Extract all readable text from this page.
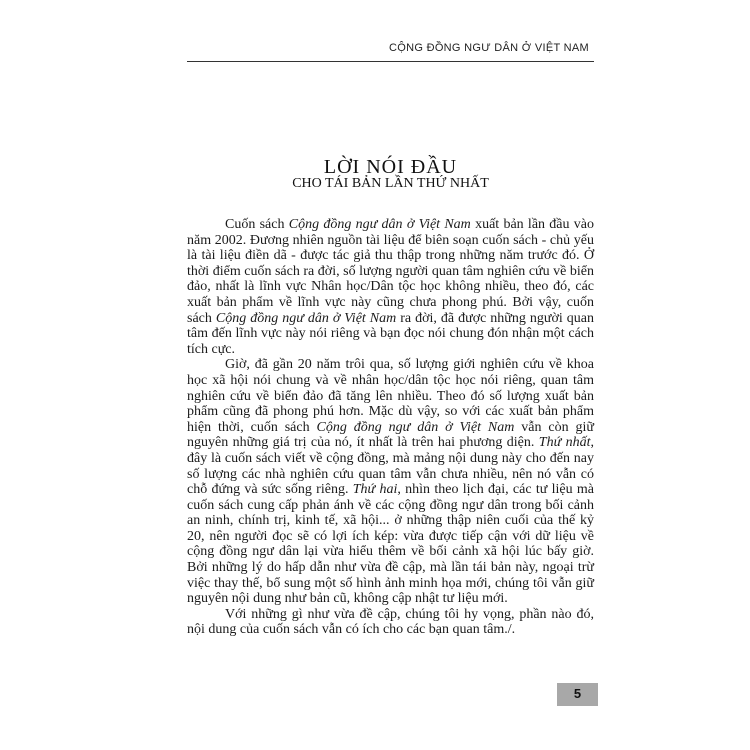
CỘNG ĐỒNG NGƯ DÂN Ở VIỆT NAM
LỜI NÓI ĐẦU
CHO TÁI BẢN LẦN THỨ NHẤT

Cuốn sách Cộng đồng ngư dân ở Việt Nam xuất bản lần đầu vào năm 2002. Đương nhiên nguồn tài liệu để biên soạn cuốn sách - chủ yếu là tài liệu điền dã - được tác giả thu thập trong những năm trước đó. Ở thời điểm cuốn sách ra đời, số lượng người quan tâm nghiên cứu về biển đảo, nhất là lĩnh vực Nhân học/Dân tộc học không nhiều, theo đó, các xuất bản phẩm về lĩnh vực này cũng chưa phong phú. Bởi vậy, cuốn sách Cộng đồng ngư dân ở Việt Nam ra đời, đã được những người quan tâm đến lĩnh vực này nói riêng và bạn đọc nói chung đón nhận một cách tích cực.

Giờ, đã gần 20 năm trôi qua, số lượng giới nghiên cứu về khoa học xã hội nói chung và về nhân học/dân tộc học nói riêng, quan tâm nghiên cứu về biển đảo đã tăng lên nhiều. Theo đó số lượng xuất bản phẩm cũng đã phong phú hơn. Mặc dù vậy, so với các xuất bản phẩm hiện thời, cuốn sách Cộng đồng ngư dân ở Việt Nam vẫn còn giữ nguyên những giá trị của nó, ít nhất là trên hai phương diện. Thứ nhất, đây là cuốn sách viết về cộng đồng, mà mảng nội dung này cho đến nay số lượng các nhà nghiên cứu quan tâm vẫn chưa nhiều, nên nó vẫn có chỗ đứng và sức sống riêng. Thứ hai, nhìn theo lịch đại, các tư liệu mà cuốn sách cung cấp phản ánh về các cộng đồng ngư dân trong bối cảnh an ninh, chính trị, kinh tế, xã hội... ở những thập niên cuối của thế kỷ 20, nên người đọc sẽ có lợi ích kép: vừa được tiếp cận với dữ liệu về cộng đồng ngư dân lại vừa hiểu thêm về bối cảnh xã hội lúc bấy giờ. Bởi những lý do hấp dẫn như vừa đề cập, mà lần tái bản này, ngoại trừ việc thay thế, bổ sung một số hình ảnh minh họa mới, chúng tôi vẫn giữ nguyên nội dung như bản cũ, không cập nhật tư liệu mới.

Với những gì như vừa đề cập, chúng tôi hy vọng, phần nào đó, nội dung của cuốn sách vẫn có ích cho các bạn quan tâm./.

5
